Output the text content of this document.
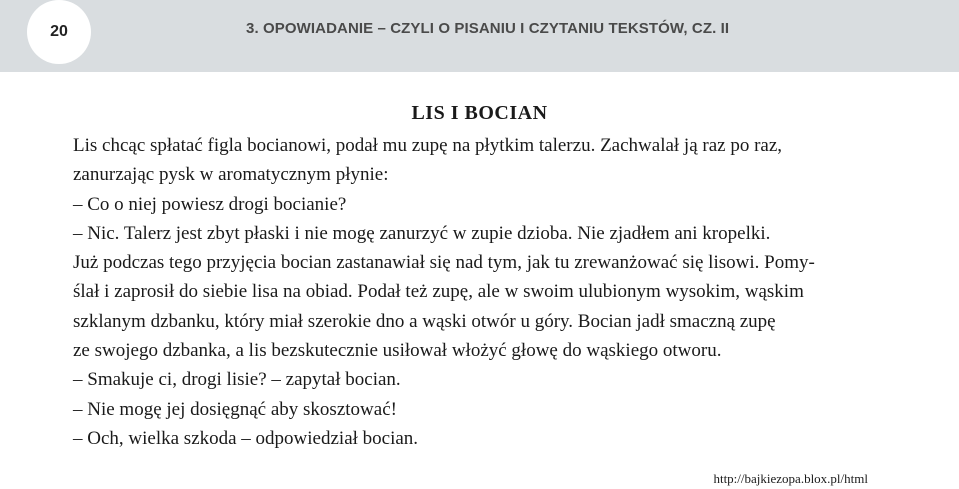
20	3. OPOWIADANIE – CZYLI O PISANIU I CZYTANIU TEKSTÓW, CZ. II
LIS I BOCIAN
Lis chcąc spłatać figla bocianowi, podał mu zupę na płytkim talerzu. Zachwalał ją raz po raz,
zanurzając pysk w aromatycznym płynie:
– Co o niej powiesz drogi bocianie?
– Nic. Talerz jest zbyt płaski i nie mogę zanurzyć w zupie dzioba. Nie zjadłem ani kropelki.
Już podczas tego przyjęcia bocian zastanawiał się nad tym, jak tu zrewanżować się lisowi. Pomy-
ślał i zaprosił do siebie lisa na obiad. Podał też zupę, ale w swoim ulubionym wysokim, wąskim
szklanym dzbanku, który miał szerokie dno a wąski otwór u góry. Bocian jadł smaczną zupę
ze swojego dzbanka, a lis bezskutecznie usiłował włożyć głowę do wąskiego otworu.
– Smakuje ci, drogi lisie? – zapytał bocian.
– Nie mogę jej dosięgnąć aby skosztować!
– Och, wielka szkoda – odpowiedział bocian.
http://bajkiezopa.blox.pl/html
